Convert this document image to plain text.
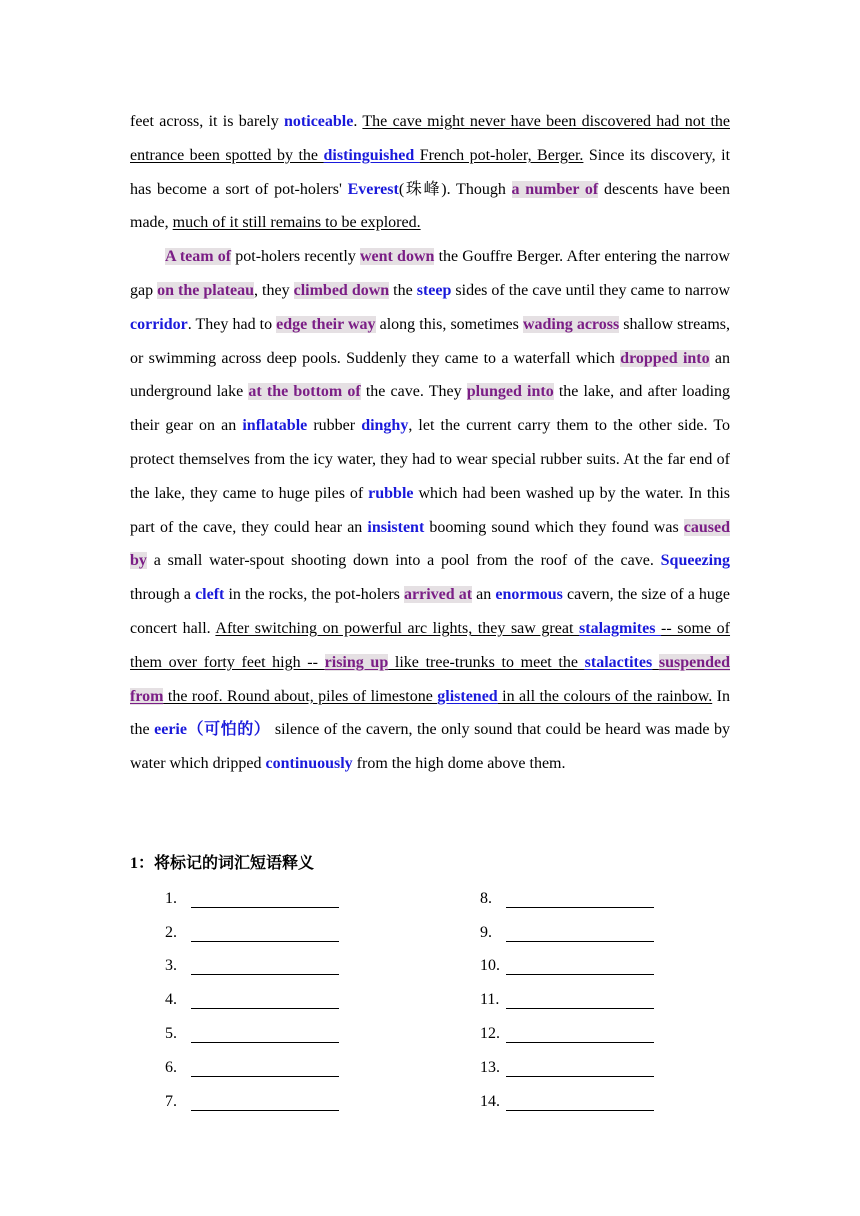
feet across, it is barely noticeable. The cave might never have been discovered had not the entrance been spotted by the distinguished French pot-holer, Berger. Since its discovery, it has become a sort of pot-holers' Everest(珠峰). Though a number of descents have been made, much of it still remains to be explored.

A team of pot-holers recently went down the Gouffre Berger. After entering the narrow gap on the plateau, they climbed down the steep sides of the cave until they came to narrow corridor. They had to edge their way along this, sometimes wading across shallow streams, or swimming across deep pools. Suddenly they came to a waterfall which dropped into an underground lake at the bottom of the cave. They plunged into the lake, and after loading their gear on an inflatable rubber dinghy, let the current carry them to the other side. To protect themselves from the icy water, they had to wear special rubber suits. At the far end of the lake, they came to huge piles of rubble which had been washed up by the water. In this part of the cave, they could hear an insistent booming sound which they found was caused by a small water-spout shooting down into a pool from the roof of the cave. Squeezing through a cleft in the rocks, the pot-holers arrived at an enormous cavern, the size of a huge concert hall. After switching on powerful arc lights, they saw great stalagmites -- some of them over forty feet high -- rising up like tree-trunks to meet the stalactites suspended from the roof. Round about, piles of limestone glistened in all the colours of the rainbow. In the eerie（可怕的） silence of the cavern, the only sound that could be heard was made by water which dripped continuously from the high dome above them.

1：将标记的词汇短语释义
1.
2.
3.
4.
5.
6.
7.
8.
9.
10.
11.
12.
13.
14.
